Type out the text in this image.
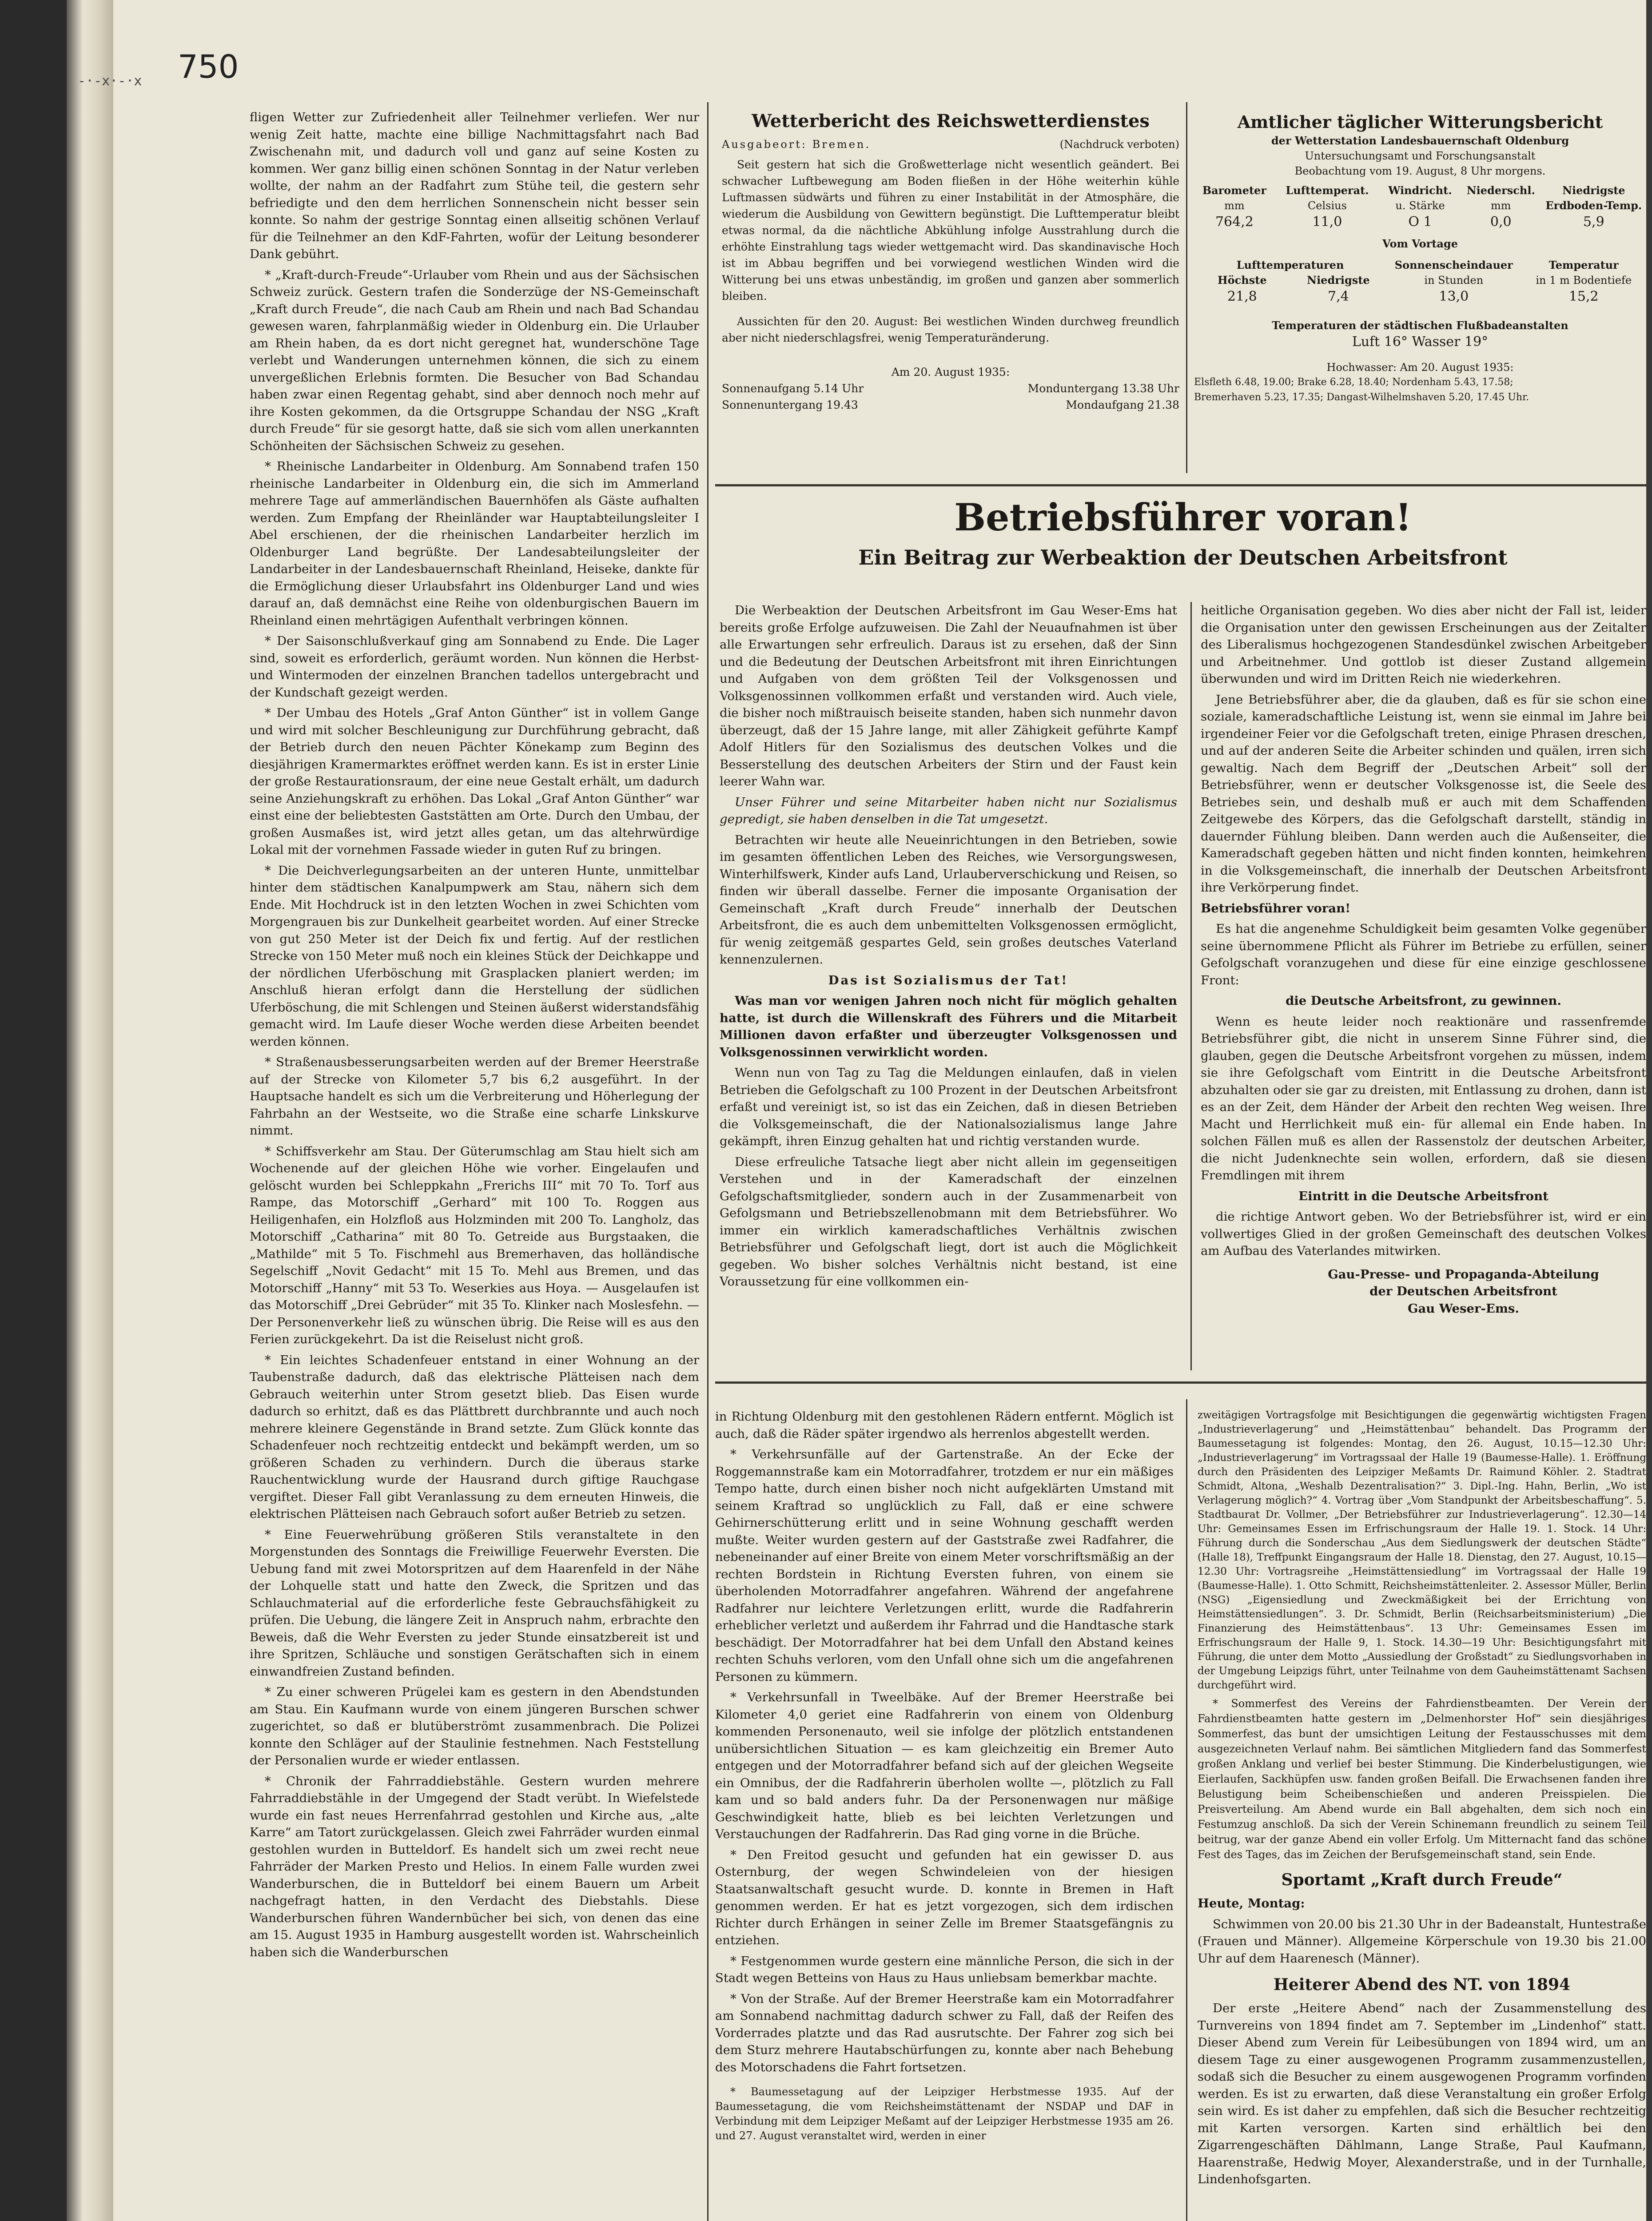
750
-·-x·-·x

fligen Wetter zur Zufriedenheit aller Teilnehmer verliefen. Wer nur wenig Zeit hatte, machte eine billige Nachmittagsfahrt nach Bad Zwischenahn mit, und dadurch voll und ganz auf seine Kosten zu kommen. Wer ganz billig einen schönen Sonntag in der Natur verleben wollte, der nahm an der Radfahrt zum Stühe teil, die gestern sehr befriedigte und den dem herrlichen Sonnenschein nicht besser sein konnte. So nahm der gestrige Sonntag einen allseitig schönen Verlauf für die Teilnehmer an den KdF-Fahrten, wofür der Leitung besonderer Dank gebührt.

* „Kraft-durch-Freude“-Urlauber vom Rhein und aus der Sächsischen Schweiz zurück. Gestern trafen die Sonderzüge der NS-Gemeinschaft „Kraft durch Freude“, die nach Caub am Rhein und nach Bad Schandau gewesen waren, fahrplanmäßig wieder in Oldenburg ein. Die Urlauber am Rhein haben, da es dort nicht geregnet hat, wunderschöne Tage verlebt und Wanderungen unternehmen können, die sich zu einem unvergeßlichen Erlebnis formten. Die Besucher von Bad Schandau haben zwar einen Regentag gehabt, sind aber dennoch noch mehr auf ihre Kosten gekommen, da die Ortsgruppe Schandau der NSG „Kraft durch Freude“ für sie gesorgt hatte, daß sie sich vom allen unerkannten Schönheiten der Sächsischen Schweiz zu gesehen.

* Rheinische Landarbeiter in Oldenburg. Am Sonnabend trafen 150 rheinische Landarbeiter in Oldenburg ein, die sich im Ammerland mehrere Tage auf ammerländischen Bauernhöfen als Gäste aufhalten werden. Zum Empfang der Rheinländer war Hauptabteilungsleiter I Abel erschienen, der die rheinischen Landarbeiter herzlich im Oldenburger Land begrüßte. Der Landesabteilungsleiter der Landarbeiter in der Landesbauernschaft Rheinland, Heiseke, dankte für die Ermöglichung dieser Urlaubsfahrt ins Oldenburger Land und wies darauf an, daß demnächst eine Reihe von oldenburgischen Bauern im Rheinland einen mehrtägigen Aufenthalt verbringen können.

* Der Saisonschlußverkauf ging am Sonnabend zu Ende. Die Lager sind, soweit es erforderlich, geräumt worden. Nun können die Herbst- und Wintermoden der einzelnen Branchen tadellos untergebracht und der Kundschaft gezeigt werden.

* Der Umbau des Hotels „Graf Anton Günther“ ist in vollem Gange und wird mit solcher Beschleunigung zur Durchführung gebracht, daß der Betrieb durch den neuen Pächter Könekamp zum Beginn des diesjährigen Kramermarktes eröffnet werden kann. Es ist in erster Linie der große Restaurationsraum, der eine neue Gestalt erhält, um dadurch seine Anziehungskraft zu erhöhen. Das Lokal „Graf Anton Günther“ war einst eine der beliebtesten Gaststätten am Orte. Durch den Umbau, der großen Ausmaßes ist, wird jetzt alles getan, um das altehrwürdige Lokal mit der vornehmen Fassade wieder in guten Ruf zu bringen.

* Die Deichverlegungsarbeiten an der unteren Hunte, unmittelbar hinter dem städtischen Kanalpumpwerk am Stau, nähern sich dem Ende. Mit Hochdruck ist in den letzten Wochen in zwei Schichten vom Morgengrauen bis zur Dunkelheit gearbeitet worden. Auf einer Strecke von gut 250 Meter ist der Deich fix und fertig. Auf der restlichen Strecke von 150 Meter muß noch ein kleines Stück der Deichkappe und der nördlichen Uferböschung mit Grasplacken planiert werden; im Anschluß hieran erfolgt dann die Herstellung der südlichen Uferböschung, die mit Schlengen und Steinen äußerst widerstandsfähig gemacht wird. Im Laufe dieser Woche werden diese Arbeiten beendet werden können.

* Straßenausbesserungsarbeiten werden auf der Bremer Heerstraße auf der Strecke von Kilometer 5,7 bis 6,2 ausgeführt. In der Hauptsache handelt es sich um die Verbreiterung und Höherlegung der Fahrbahn an der Westseite, wo die Straße eine scharfe Linkskurve nimmt.

* Schiffsverkehr am Stau. Der Güterumschlag am Stau hielt sich am Wochenende auf der gleichen Höhe wie vorher. Eingelaufen und gelöscht wurden bei Schleppkahn „Frerichs III“ mit 70 To. Torf aus Rampe, das Motorschiff „Gerhard“ mit 100 To. Roggen aus Heiligenhafen, ein Holzfloß aus Holzminden mit 200 To. Langholz, das Motorschiff „Catharina“ mit 80 To. Getreide aus Burgstaaken, die „Mathilde“ mit 5 To. Fischmehl aus Bremerhaven, das holländische Segelschiff „Novit Gedacht“ mit 15 To. Mehl aus Bremen, und das Motorschiff „Hanny“ mit 53 To. Weserkies aus Hoya. — Ausgelaufen ist das Motorschiff „Drei Gebrüder“ mit 35 To. Klinker nach Moslesfehn. — Der Personenverkehr ließ zu wünschen übrig. Die Reise will es aus den Ferien zurückgekehrt. Da ist die Reiselust nicht groß.

* Ein leichtes Schadenfeuer entstand in einer Wohnung an der Taubenstraße dadurch, daß das elektrische Plätteisen nach dem Gebrauch weiterhin unter Strom gesetzt blieb. Das Eisen wurde dadurch so erhitzt, daß es das Plättbrett durchbrannte und auch noch mehrere kleinere Gegenstände in Brand setzte. Zum Glück konnte das Schadenfeuer noch rechtzeitig entdeckt und bekämpft werden, um so größeren Schaden zu verhindern. Durch die überaus starke Rauchentwicklung wurde der Hausrand durch giftige Rauchgase vergiftet. Dieser Fall gibt Veranlassung zu dem erneuten Hinweis, die elektrischen Plätteisen nach Gebrauch sofort außer Betrieb zu setzen.

* Eine Feuerwehrübung größeren Stils veranstaltete in den Morgenstunden des Sonntags die Freiwillige Feuerwehr Eversten. Die Uebung fand mit zwei Motorspritzen auf dem Haarenfeld in der Nähe der Lohquelle statt und hatte den Zweck, die Spritzen und das Schlauchmaterial auf die erforderliche feste Gebrauchsfähigkeit zu prüfen. Die Uebung, die längere Zeit in Anspruch nahm, erbrachte den Beweis, daß die Wehr Eversten zu jeder Stunde einsatzbereit ist und ihre Spritzen, Schläuche und sonstigen Gerätschaften sich in einem einwandfreien Zustand befinden.

* Zu einer schweren Prügelei kam es gestern in den Abendstunden am Stau. Ein Kaufmann wurde von einem jüngeren Burschen schwer zugerichtet, so daß er blutüberströmt zusammenbrach. Die Polizei konnte den Schläger auf der Staulinie festnehmen. Nach Feststellung der Personalien wurde er wieder entlassen.

* Chronik der Fahrraddiebstähle. Gestern wurden mehrere Fahrraddiebstähle in der Umgegend der Stadt verübt. In Wiefelstede wurde ein fast neues Herrenfahrrad gestohlen und Kirche aus, „alte Karre“ am Tatort zurückgelassen. Gleich zwei Fahrräder wurden einmal gestohlen wurden in Butteldorf. Es handelt sich um zwei recht neue Fahrräder der Marken Presto und Helios. In einem Falle wurden zwei Wanderburschen, die in Butteldorf bei einem Bauern um Arbeit nachgefragt hatten, in den Verdacht des Diebstahls. Diese Wanderburschen führen Wandernbücher bei sich, von denen das eine am 15. August 1935 in Hamburg ausgestellt worden ist. Wahrscheinlich haben sich die Wanderburschen

Wetterbericht des Reichswetterdienstes
Ausgabeort: Bremen.	(Nachdruck verboten)
Seit gestern hat sich die Großwetterlage nicht wesentlich geändert. Bei schwacher Luftbewegung am Boden fließen in der Höhe weiterhin kühle Luftmassen südwärts und führen zu einer Instabilität in der Atmosphäre, die wiederum die Ausbildung von Gewittern begünstigt. Die Lufttemperatur bleibt etwas normal, da die nächtliche Abkühlung infolge Ausstrahlung durch die erhöhte Einstrahlung tags wieder wettgemacht wird. Das skandinavische Hoch ist im Abbau begriffen und bei vorwiegend westlichen Winden wird die Witterung bei uns etwas unbeständig, im großen und ganzen aber sommerlich bleiben.
Aussichten für den 20. August: Bei westlichen Winden durchweg freundlich aber nicht niederschlagsfrei, wenig Temperaturänderung.
Am 20. August 1935:
Sonnenaufgang 5.14 Uhr	Monduntergang 13.38 Uhr
Sonnenuntergang 19.43	Mondaufgang 21.38
Amtlicher täglicher Witterungsbericht
der Wetterstation Landesbauernschaft Oldenburg
Untersuchungsamt und Forschungsanstalt
Beobachtung vom 19. August, 8 Uhr morgens.
Barometer	Lufttemperat.	Windricht.	Niederschl.	Niedrigste
mm	Celsius	u. Stärke	mm	Erdboden-Temp.
764,2	11,0	O 1	0,0	5,9
Vom Vortage
Lufttemperaturen	Sonnenscheindauer	Temperatur
Höchste	Niedrigste	in Stunden	in 1 m Bodentiefe
21,8	7,4	13,0	15,2
Temperaturen der städtischen Flußbadeanstalten
Luft 16° Wasser 19°
Hochwasser: Am 20. August 1935:
Elsfleth 6.48, 19.00; Brake 6.28, 18.40; Nordenham 5.43, 17.58;
Bremerhaven 5.23, 17.35; Dangast-Wilhelmshaven 5.20, 17.45 Uhr.
Betriebsführer voran!
Ein Beitrag zur Werbeaktion der Deutschen Arbeitsfront

Die Werbeaktion der Deutschen Arbeitsfront im Gau Weser-Ems hat bereits große Erfolge aufzuweisen. Die Zahl der Neuaufnahmen ist über alle Erwartungen sehr erfreulich. Daraus ist zu ersehen, daß der Sinn und die Bedeutung der Deutschen Arbeitsfront mit ihren Einrichtungen und Aufgaben von dem größten Teil der Volksgenossen und Volksgenossinnen vollkommen erfaßt und verstanden wird. Auch viele, die bisher noch mißtrauisch beiseite standen, haben sich nunmehr davon überzeugt, daß der 15 Jahre lange, mit aller Zähigkeit geführte Kampf Adolf Hitlers für den Sozialismus des deutschen Volkes und die Besserstellung des deutschen Arbeiters der Stirn und der Faust kein leerer Wahn war.

Unser Führer und seine Mitarbeiter haben nicht nur Sozialismus gepredigt, sie haben denselben in die Tat umgesetzt.

Betrachten wir heute alle Neueinrichtungen in den Betrieben, sowie im gesamten öffentlichen Leben des Reiches, wie Versorgungswesen, Winterhilfswerk, Kinder aufs Land, Urlauberverschickung und Reisen, so finden wir überall dasselbe. Ferner die imposante Organisation der Gemeinschaft „Kraft durch Freude“ innerhalb der Deutschen Arbeitsfront, die es auch dem unbemittelten Volksgenossen ermöglicht, für wenig zeitgemäß gespartes Geld, sein großes deutsches Vaterland kennenzulernen.

Das ist Sozialismus der Tat!

Was man vor wenigen Jahren noch nicht für möglich gehalten hatte, ist durch die Willenskraft des Führers und die Mitarbeit Millionen davon erfaßter und überzeugter Volksgenossen und Volksgenossinnen verwirklicht worden.

Wenn nun von Tag zu Tag die Meldungen einlaufen, daß in vielen Betrieben die Gefolgschaft zu 100 Prozent in der Deutschen Arbeitsfront erfaßt und vereinigt ist, so ist das ein Zeichen, daß in diesen Betrieben die Volksgemeinschaft, die der Nationalsozialismus lange Jahre gekämpft, ihren Einzug gehalten hat und richtig verstanden wurde.

Diese erfreuliche Tatsache liegt aber nicht allein im gegenseitigen Verstehen und in der Kameradschaft der einzelnen Gefolgschaftsmitglieder, sondern auch in der Zusammenarbeit von Gefolgsmann und Betriebszellenobmann mit dem Betriebsführer. Wo immer ein wirklich kameradschaftliches Verhältnis zwischen Betriebsführer und Gefolgschaft liegt, dort ist auch die Möglichkeit gegeben. Wo bisher solches Verhältnis nicht bestand, ist eine Voraussetzung für eine vollkommen ein-

heitliche Organisation gegeben. Wo dies aber nicht der Fall ist, leider die Organisation unter den gewissen Erscheinungen aus der Zeitalter des Liberalismus hochgezogenen Standesdünkel zwischen Arbeitgeber und Arbeitnehmer. Und gottlob ist dieser Zustand allgemein überwunden und wird im Dritten Reich nie wiederkehren.

Jene Betriebsführer aber, die da glauben, daß es für sie schon eine soziale, kameradschaftliche Leistung ist, wenn sie einmal im Jahre bei irgendeiner Feier vor die Gefolgschaft treten, einige Phrasen dreschen, und auf der anderen Seite die Arbeiter schinden und quälen, irren sich gewaltig. Nach dem Begriff der „Deutschen Arbeit“ soll der Betriebsführer, wenn er deutscher Volksgenosse ist, die Seele des Betriebes sein, und deshalb muß er auch mit dem Schaffenden Zeitgewebe des Körpers, das die Gefolgschaft darstellt, ständig in dauernder Fühlung bleiben. Dann werden auch die Außenseiter, die Kameradschaft gegeben hätten und nicht finden konnten, heimkehren in die Volksgemeinschaft, die innerhalb der Deutschen Arbeitsfront ihre Verkörperung findet.

Betriebsführer voran!

Es hat die angenehme Schuldigkeit beim gesamten Volke gegenüber seine übernommene Pflicht als Führer im Betriebe zu erfüllen, seiner Gefolgschaft voranzugehen und diese für eine einzige geschlossene Front:

die Deutsche Arbeitsfront, zu gewinnen.

Wenn es heute leider noch reaktionäre und rassenfremde Betriebsführer gibt, die nicht in unserem Sinne Führer sind, die glauben, gegen die Deutsche Arbeitsfront vorgehen zu müssen, indem sie ihre Gefolgschaft vom Eintritt in die Deutsche Arbeitsfront abzuhalten oder sie gar zu dreisten, mit Entlassung zu drohen, dann ist es an der Zeit, dem Händer der Arbeit den rechten Weg weisen. Ihre Macht und Herrlichkeit muß ein- für allemal ein Ende haben. In solchen Fällen muß es allen der Rassenstolz der deutschen Arbeiter, die nicht Judenknechte sein wollen, erfordern, daß sie diesen Fremdlingen mit ihrem

Eintritt in die Deutsche Arbeitsfront

die richtige Antwort geben. Wo der Betriebsführer ist, wird er ein vollwertiges Glied in der großen Gemeinschaft des deutschen Volkes am Aufbau des Vaterlandes mitwirken.

Gau-Presse- und Propaganda-Abteilung

der Deutschen Arbeitsfront

Gau Weser-Ems.

in Richtung Oldenburg mit den gestohlenen Rädern entfernt. Möglich ist auch, daß die Räder später irgendwo als herrenlos abgestellt werden.

* Verkehrsunfälle auf der Gartenstraße. An der Ecke der Roggemannstraße kam ein Motorradfahrer, trotzdem er nur ein mäßiges Tempo hatte, durch einen bisher noch nicht aufgeklärten Umstand mit seinem Kraftrad so unglücklich zu Fall, daß er eine schwere Gehirnerschütterung erlitt und in seine Wohnung geschafft werden mußte. Weiter wurden gestern auf der Gaststraße zwei Radfahrer, die nebeneinander auf einer Breite von einem Meter vorschriftsmäßig an der rechten Bordstein in Richtung Eversten fuhren, von einem sie überholenden Motorradfahrer angefahren. Während der angefahrene Radfahrer nur leichtere Verletzungen erlitt, wurde die Radfahrerin erheblicher verletzt und außerdem ihr Fahrrad und die Handtasche stark beschädigt. Der Motorradfahrer hat bei dem Unfall den Abstand keines rechten Schuhs verloren, vom den Unfall ohne sich um die angefahrenen Personen zu kümmern.

* Verkehrsunfall in Tweelbäke. Auf der Bremer Heerstraße bei Kilometer 4,0 geriet eine Radfahrerin von einem von Oldenburg kommenden Personenauto, weil sie infolge der plötzlich entstandenen unübersichtlichen Situation — es kam gleichzeitig ein Bremer Auto entgegen und der Motorradfahrer befand sich auf der gleichen Wegseite ein Omnibus, der die Radfahrerin überholen wollte —, plötzlich zu Fall kam und so bald anders fuhr. Da der Personenwagen nur mäßige Geschwindigkeit hatte, blieb es bei leichten Verletzungen und Verstauchungen der Radfahrerin. Das Rad ging vorne in die Brüche.

* Den Freitod gesucht und gefunden hat ein gewisser D. aus Osternburg, der wegen Schwindeleien von der hiesigen Staatsanwaltschaft gesucht wurde. D. konnte in Bremen in Haft genommen werden. Er hat es jetzt vorgezogen, sich dem irdischen Richter durch Erhängen in seiner Zelle im Bremer Staatsgefängnis zu entziehen.

* Festgenommen wurde gestern eine männliche Person, die sich in der Stadt wegen Betteins von Haus zu Haus unliebsam bemerkbar machte.

* Von der Straße. Auf der Bremer Heerstraße kam ein Motorradfahrer am Sonnabend nachmittag dadurch schwer zu Fall, daß der Reifen des Vorderrades platzte und das Rad ausrutschte. Der Fahrer zog sich bei dem Sturz mehrere Hautabschürfungen zu, konnte aber nach Behebung des Motorschadens die Fahrt fortsetzen.

* Baumessetagung auf der Leipziger Herbstmesse 1935. Auf der Baumessetagung, die vom Reichsheimstättenamt der NSDAP und DAF in Verbindung mit dem Leipziger Meßamt auf der Leipziger Herbstmesse 1935 am 26. und 27. August veranstaltet wird, werden in einer

zweitägigen Vortragsfolge mit Besichtigungen die gegenwärtig wichtigsten Fragen „Industrieverlagerung“ und „Heimstättenbau“ behandelt. Das Programm der Baumessetagung ist folgendes: Montag, den 26. August, 10.15—12.30 Uhr: „Industrieverlagerung“ im Vortragssaal der Halle 19 (Baumesse-Halle). 1. Eröffnung durch den Präsidenten des Leipziger Meßamts Dr. Raimund Köhler. 2. Stadtrat Schmidt, Altona, „Weshalb Dezentralisation?“ 3. Dipl.-Ing. Hahn, Berlin, „Wo ist Verlagerung möglich?“ 4. Vortrag über „Vom Standpunkt der Arbeitsbeschaffung“. 5. Stadtbaurat Dr. Vollmer, „Der Betriebsführer zur Industrieverlagerung“. 12.30—14 Uhr: Gemeinsames Essen im Erfrischungsraum der Halle 19. 1. Stock. 14 Uhr: Führung durch die Sonderschau „Aus dem Siedlungswerk der deutschen Städte“ (Halle 18), Treffpunkt Eingangsraum der Halle 18. Dienstag, den 27. August, 10.15—12.30 Uhr: Vortragsreihe „Heimstättensiedlung“ im Vortragssaal der Halle 19 (Baumesse-Halle). 1. Otto Schmitt, Reichsheimstättenleiter. 2. Assessor Müller, Berlin (NSG) „Eigensiedlung und Zweckmäßigkeit bei der Errichtung von Heimstättensiedlungen“. 3. Dr. Schmidt, Berlin (Reichsarbeitsministerium) „Die Finanzierung des Heimstättenbaus“. 13 Uhr: Gemeinsames Essen im Erfrischungsraum der Halle 9, 1. Stock. 14.30—19 Uhr: Besichtigungsfahrt mit Führung, die unter dem Motto „Aussiedlung der Großstadt“ zu Siedlungsvorhaben in der Umgebung Leipzigs führt, unter Teilnahme von dem Gauheimstättenamt Sachsen durchgeführt wird.

* Sommerfest des Vereins der Fahrdienstbeamten. Der Verein der Fahrdienstbeamten hatte gestern im „Delmenhorster Hof“ sein diesjähriges Sommerfest, das bunt der umsichtigen Leitung der Festausschusses mit dem ausgezeichneten Verlauf nahm. Bei sämtlichen Mitgliedern fand das Sommerfest großen Anklang und verlief bei bester Stimmung. Die Kinderbelustigungen, wie Eierlaufen, Sackhüpfen usw. fanden großen Beifall. Die Erwachsenen fanden ihre Belustigung beim Scheibenschießen und anderen Preisspielen. Die Preisverteilung. Am Abend wurde ein Ball abgehalten, dem sich noch ein Festumzug anschloß. Da sich der Verein Schinemann freundlich zu seinem Teil beitrug, war der ganze Abend ein voller Erfolg. Um Mitternacht fand das schöne Fest des Tages, das im Zeichen der Berufsgemeinschaft stand, sein Ende.

Sportamt „Kraft durch Freude“

Heute, Montag:

Schwimmen von 20.00 bis 21.30 Uhr in der Badeanstalt, Huntestraße (Frauen und Männer). Allgemeine Körperschule von 19.30 bis 21.00 Uhr auf dem Haarenesch (Männer).

Heiterer Abend des NT. von 1894

Der erste „Heitere Abend“ nach der Zusammenstellung des Turnvereins von 1894 findet am 7. September im „Lindenhof“ statt. Dieser Abend zum Verein für Leibesübungen von 1894 wird, um an diesem Tage zu einer ausgewogenen Programm zusammenzustellen, sodaß sich die Besucher zu einem ausgewogenen Programm vorfinden werden. Es ist zu erwarten, daß diese Veranstaltung ein großer Erfolg sein wird. Es ist daher zu empfehlen, daß sich die Besucher rechtzeitig mit Karten versorgen. Karten sind erhältlich bei den Zigarrengeschäften Dählmann, Lange Straße, Paul Kaufmann, Haarenstraße, Hedwig Moyer, Alexanderstraße, und in der Turnhalle, Lindenhofsgarten.
